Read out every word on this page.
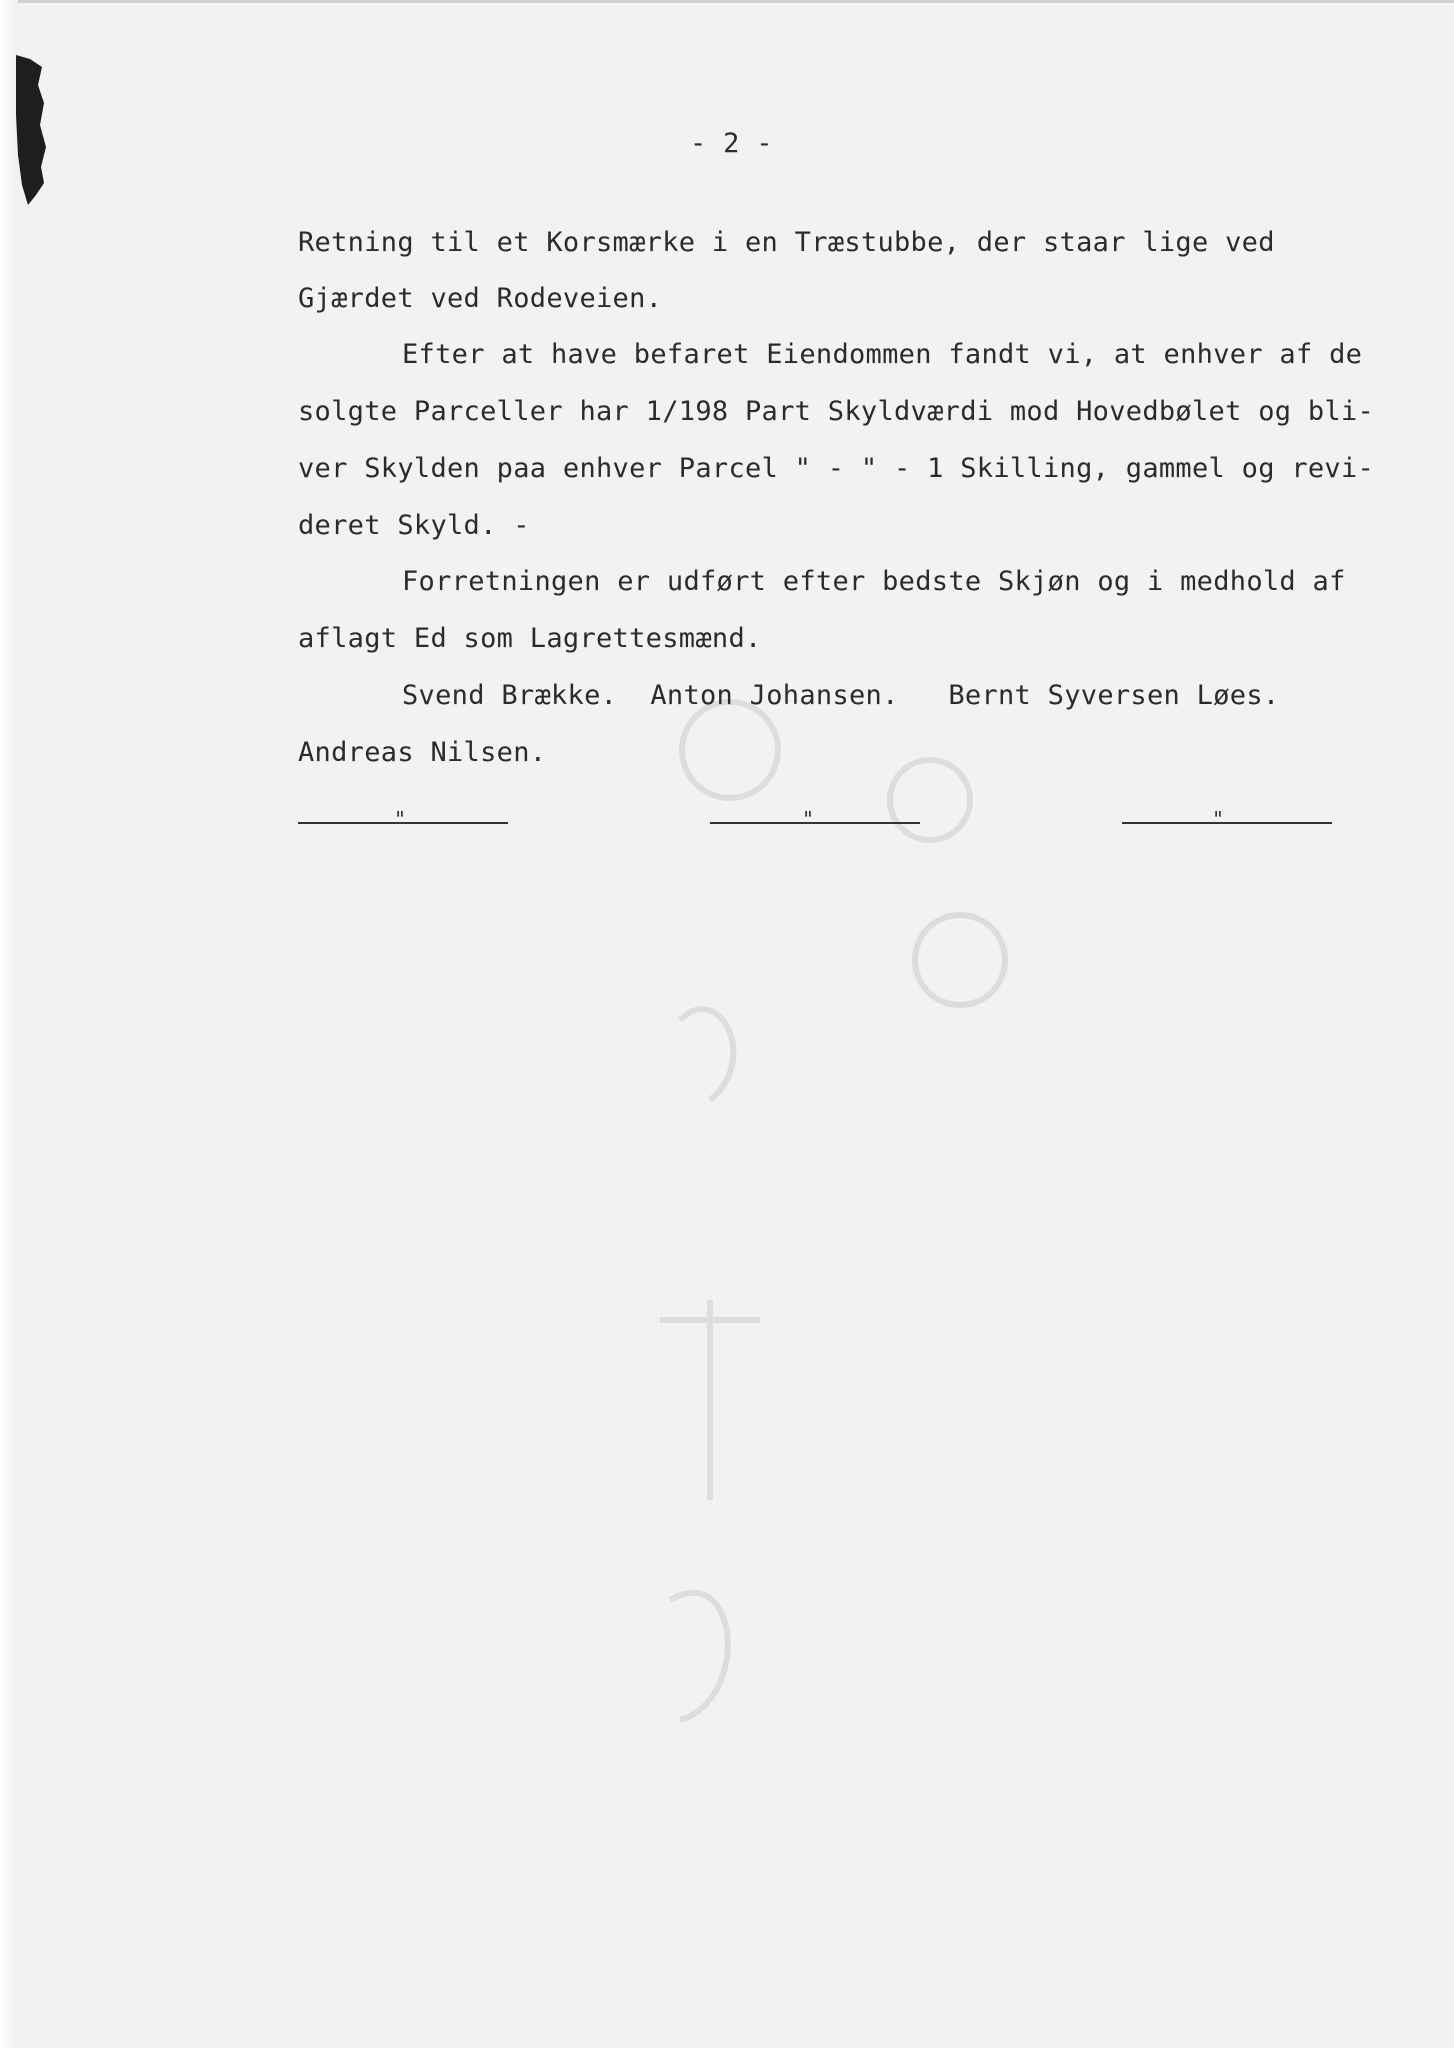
- 2 -
Retning til et Korsmærke i en Træstubbe, der staar lige ved
Gjærdet ved Rodeveien.
Efter at have befaret Eiendommen fandt vi, at enhver af de
solgte Parceller har 1/198 Part Skyldværdi mod Hovedbølet og bli-
ver Skylden paa enhver Parcel " - " - 1 Skilling, gammel og revi-
deret Skyld. -
Forretningen er udført efter bedste Skjøn og i medhold af
aflagt Ed som Lagrettesmænd.
Svend Brække.  Anton Johansen.   Bernt Syversen Løes.
Andreas Nilsen.
"	"	"
